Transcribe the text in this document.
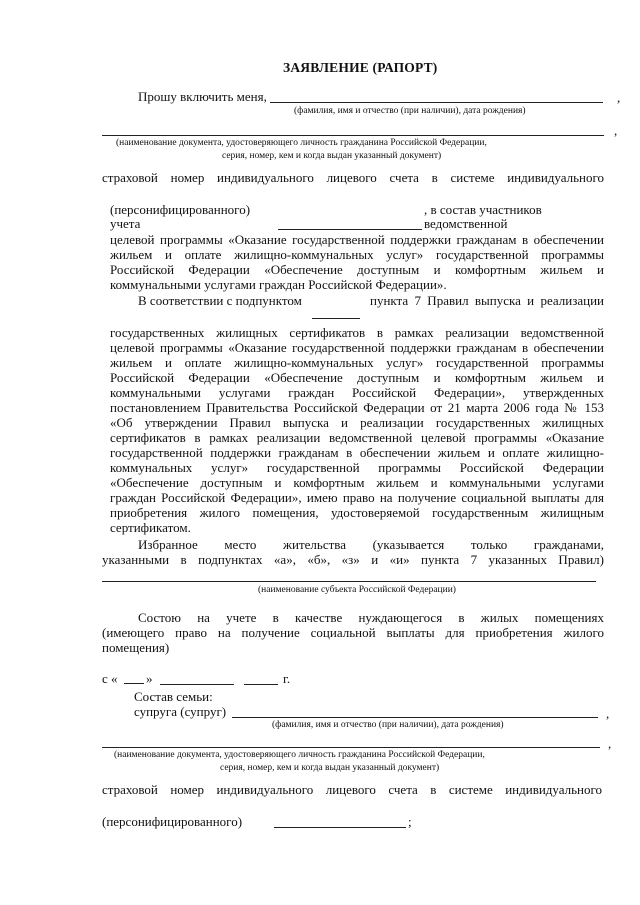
ЗАЯВЛЕНИЕ (РАПОРТ)
Прошу включить меня,	,
(фамилия, имя и отчество (при наличии), дата рождения)
,
(наименование документа, удостоверяющего личность гражданина Российской Федерации,
серия, номер, кем и когда выдан указанный документ)
страховой номер индивидуального лицевого счета в системе индивидуального
(персонифицированного)	, в состав участников
учета	ведомственной
целевой программы «Оказание государственной поддержки гражданам в обеспечении
жильем и оплате жилищно-коммунальных услуг» государственной программы
Российской Федерации «Обеспечение доступным и комфортным жильем и
коммунальными услугами граждан Российской Федерации».
В соответствии с подпунктом	пункта 7 Правил выпуска и реализации
государственных жилищных сертификатов в рамках реализации ведомственной
целевой программы «Оказание государственной поддержки гражданам в обеспечении
жильем и оплате жилищно-коммунальных услуг» государственной программы
Российской Федерации «Обеспечение доступным и комфортным жильем и
коммунальными услугами граждан Российской Федерации», утвержденных
постановлением Правительства Российской Федерации от 21 марта 2006 года № 153
«Об утверждении Правил выпуска и реализации государственных жилищных
сертификатов в рамках реализации ведомственной целевой программы «Оказание
государственной поддержки гражданам в обеспечении жильем и оплате жилищно-
коммунальных услуг» государственной программы Российской Федерации
«Обеспечение доступным и комфортным жильем и коммунальными услугами
граждан Российской Федерации», имею право на получение социальной выплаты для
приобретения жилого помещения, удостоверяемой государственным жилищным
сертификатом.
Избранное место жительства (указывается только гражданами,
указанными в подпунктах «а», «б», «з» и «и» пункта 7 указанных Правил)
(наименование субъекта Российской Федерации)
Состою на учете в качестве нуждающегося в жилых помещениях
(имеющего право на получение социальной выплаты для приобретения жилого
помещения)
с « »	г.
Состав семьи:
супруга (супруг)	,
(фамилия, имя и отчество (при наличии), дата рождения)
,
(наименование документа, удостоверяющего личность гражданина Российской Федерации,
серия, номер, кем и когда выдан указанный документ)
страховой номер индивидуального лицевого счета в системе индивидуального
(персонифицированного)	;
